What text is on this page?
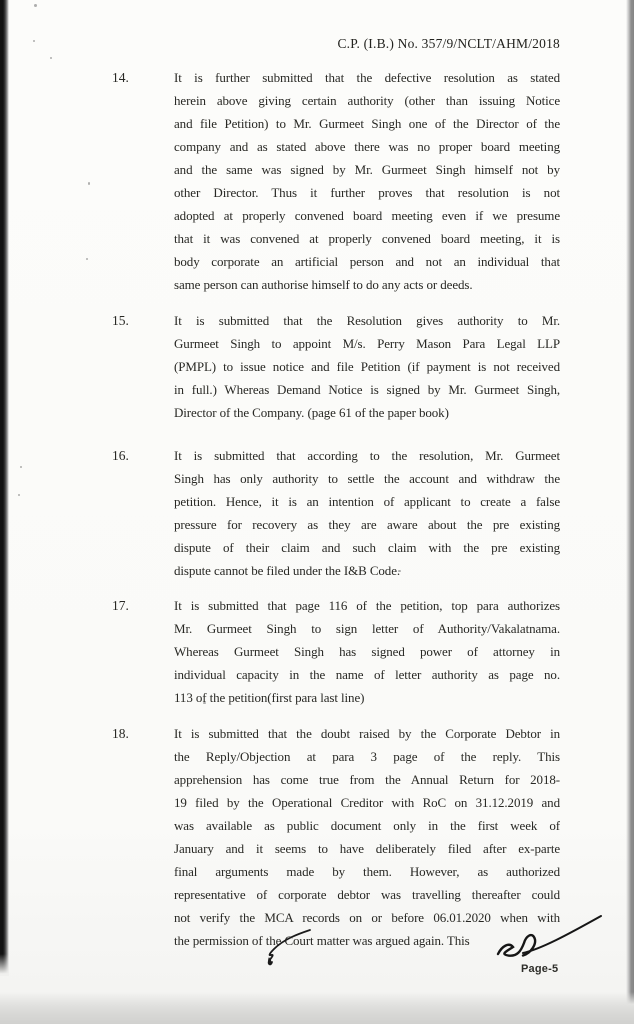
C.P. (I.B.) No. 357/9/NCLT/AHM/2018
14.	It is further submitted that the defective resolution as stated
herein above giving certain authority (other than issuing Notice
and file Petition) to Mr. Gurmeet Singh one of the Director of the
company and as stated above there was no proper board meeting
and the same was signed by Mr. Gurmeet Singh himself not by
other Director. Thus it further proves that resolution is not
adopted at properly convened board meeting even if we presume
that it was convened at properly convened board meeting, it is
body corporate an artificial person and not an individual that
same person can authorise himself to do any acts or deeds.
15.	It is submitted that the Resolution gives authority to Mr.
Gurmeet Singh to appoint M/s. Perry Mason Para Legal LLP
(PMPL) to issue notice and file Petition (if payment is not received
in full.) Whereas Demand Notice is signed by Mr. Gurmeet Singh,
Director of the Company. (page 61 of the paper book)
16.	It is submitted that according to the resolution, Mr. Gurmeet
Singh has only authority to settle the account and withdraw the
petition. Hence, it is an intention of applicant to create a false
pressure for recovery as they are aware about the pre existing
dispute of their claim and such claim with the pre existing
dispute cannot be filed under the I&B Code.
17.	It is submitted that page 116 of the petition, top para authorizes
Mr. Gurmeet Singh to sign letter of Authority/Vakalatnama.
Whereas Gurmeet Singh has signed power of attorney in
individual capacity in the name of letter authority as page no.
113 of the petition(first para last line)
18.	It is submitted that the doubt raised by the Corporate Debtor in
the Reply/Objection at para 3 page of the reply. This
apprehension has come true from the Annual Return for 2018-
19 filed by the Operational Creditor with RoC on 31.12.2019 and
was available as public document only in the first week of
January and it seems to have deliberately filed after ex-parte
final arguments made by them. However, as authorized
representative of corporate debtor was travelling thereafter could
not verify the MCA records on or before 06.01.2020 when with
the permission of the Court matter was argued again. This
Page-5
